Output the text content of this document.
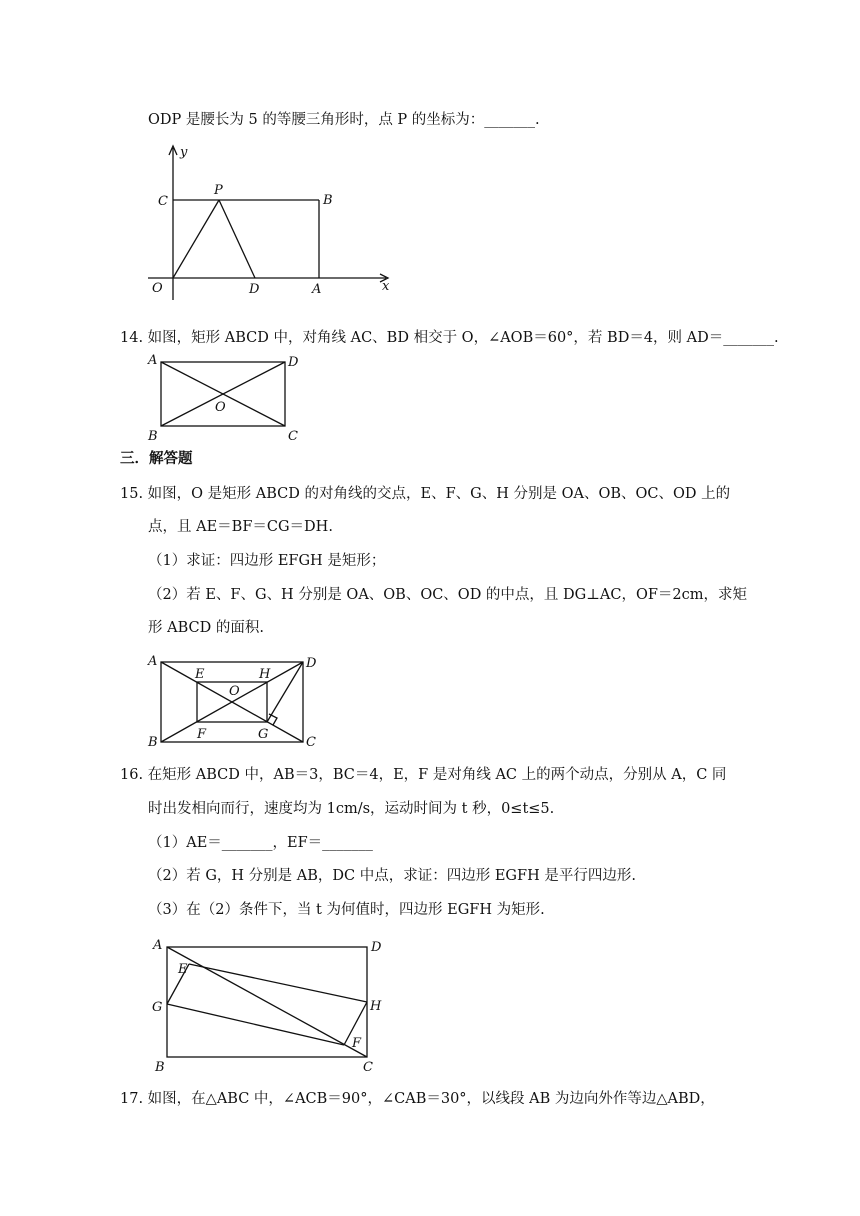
ODP 是腰长为 5 的等腰三角形时，点 P 的坐标为：_______.
y
x
C
P
B
O	D	A
14. 如图，矩形 ABCD 中，对角线 AC、BD 相交于 O，∠AOB＝60°，若 BD＝4，则 AD＝_______.
A	D
O
B	C
三．解答题
15. 如图，O 是矩形 ABCD 的对角线的交点，E、F、G、H 分别是 OA、OB、OC、OD 上的
点，且 AE＝BF＝CG＝DH.
（1）求证：四边形 EFGH 是矩形；
（2）若 E、F、G、H 分别是 OA、OB、OC、OD 的中点，且 DG⊥AC，OF＝2cm，求矩
形 ABCD 的面积.
A	D
E	H
O
B
F	G
C
16. 在矩形 ABCD 中，AB＝3，BC＝4，E，F 是对角线 AC 上的两个动点，分别从 A，C 同
时出发相向而行，速度均为 1cm/s，运动时间为 t 秒，0≤t≤5.
（1）AE＝_______，EF＝_______
（2）若 G，H 分别是 AB，DC 中点，求证：四边形 EGFH 是平行四边形.
（3）在（2）条件下，当 t 为何值时，四边形 EGFH 为矩形.
A	D
E
G	H
B
F
C
17. 如图，在△ABC 中，∠ACB＝90°，∠CAB＝30°，以线段 AB 为边向外作等边△ABD，
